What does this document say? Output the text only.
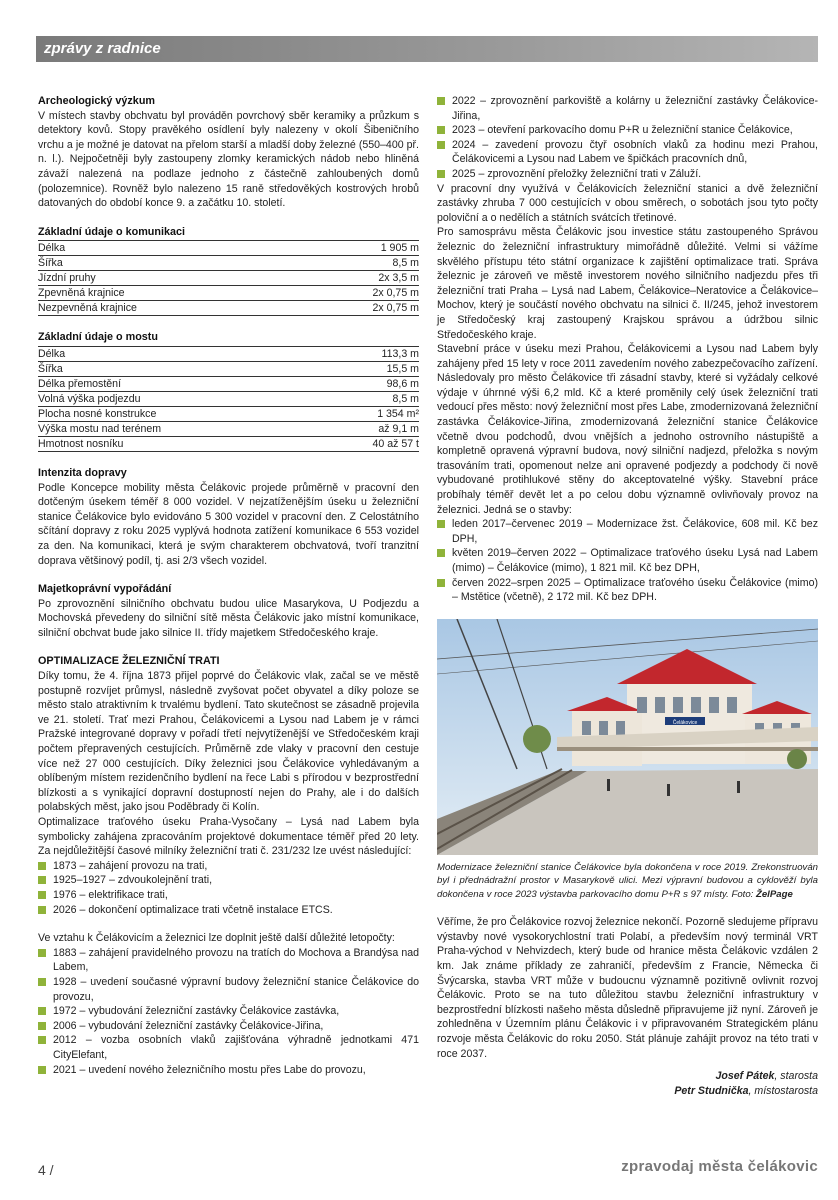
zprávy z radnice
Archeologický výzkum

V místech stavby obchvatu byl prováděn povrchový sběr keramiky a průzkum s detektory kovů. Stopy pravěkého osídlení byly nalezeny v okolí Šibeničního vrchu a je možné je datovat na přelom starší a mladší doby železné (550–400 př. n. l.). Nejpočetněji byly zastoupeny zlomky keramických nádob nebo hliněná závaží nalezená na podlaze jednoho z částečně zahloubených domů (polozemnice). Rovněž bylo nalezeno 15 raně středověkých kostrových hrobů datovaných do období konce 9. a začátku 10. století.

Základní údaje o komunikaci
Délka	1 905 m
Šířka	8,5 m
Jízdní pruhy	2x 3,5 m
Zpevněná krajnice	2x 0,75 m
Nezpevněná krajnice	2x 0,75 m
Základní údaje o mostu
Délka	113,3 m
Šířka	15,5 m
Délka přemostění	98,6 m
Volná výška podjezdu	8,5 m
Plocha nosné konstrukce	1 354 m²
Výška mostu nad terénem	až 9,1 m
Hmotnost nosníku	40 až 57 t
Intenzita dopravy

Podle Koncepce mobility města Čelákovic projede průměrně v pracovní den dotčeným úsekem téměř 8 000 vozidel. V nejzatíženějším úseku u železniční stanice Čelákovice bylo evidováno 5 300 vozidel v pracovní den. Z Celostátního sčítání dopravy z roku 2025 vyplývá hodnota zatížení komunikace 6 553 vozidel za den. Na komunikaci, která je svým charakterem obchvatová, tvoří tranzitní doprava většinový podíl, tj. asi 2/3 všech vozidel.

Majetkoprávní vypořádání

Po zprovoznění silničního obchvatu budou ulice Masarykova, U Podjezdu a Mochovská převedeny do silniční sítě města Čelákovic jako místní komunikace, silniční obchvat bude jako silnice II. třídy majetkem Středočeského kraje.

OPTIMALIZACE ŽELEZNIČNÍ TRATI

Díky tomu, že 4. října 1873 přijel poprvé do Čelákovic vlak, začal se ve městě postupně rozvíjet průmysl, následně zvyšovat počet obyvatel a díky poloze se město stalo atraktivním k trvalému bydlení. Tato skutečnost se zásadně projevila ve 21. století. Trať mezi Prahou, Čelákovicemi a Lysou nad Labem je v rámci Pražské integrované dopravy v pořadí třetí nejvytíženější ve Středočeském kraji počtem přepravených cestujících. Průměrně zde vlaky v pracovní den cestuje více než 27 000 cestujících. Díky železnici jsou Čelákovice vyhledávaným a oblíbeným místem rezidenčního bydlení na řece Labi s přírodou v bezprostřední blízkosti a s vynikající dopravní dostupností nejen do Prahy, ale i do dalších polabských měst, jako jsou Poděbrady či Kolín.

Optimalizace traťového úseku Praha-Vysočany – Lysá nad Labem byla symbolicky zahájena zpracováním projektové dokumentace téměř před 20 lety. Za nejdůležitější časové milníky železniční trati č. 231/232 lze uvést následující:

1873 – zahájení provozu na trati,
1925–1927 – zdvoukolejnění trati,
1976 – elektrifikace trati,
2026 – dokončení optimalizace trati včetně instalace ETCS.

Ve vztahu k Čelákovicím a železnici lze doplnit ještě další důležité letopočty:

1883 – zahájení pravidelného provozu na tratích do Mochova a Brandýsa nad Labem,
1928 – uvedení současné výpravní budovy železniční stanice Čelákovice do provozu,
1972 – vybudování železniční zastávky Čelákovice zastávka,
2006 – vybudování železniční zastávky Čelákovice-Jiřina,
2012 – vozba osobních vlaků zajišťována výhradně jednotkami 471 CityElefant,
2021 – uvedení nového železničního mostu přes Labe do provozu,
2022 – zprovoznění parkoviště a kolárny u železniční zastávky Čelákovice-Jiřina,
2023 – otevření parkovacího domu P+R u železniční stanice Čelákovice,
2024 – zavedení provozu čtyř osobních vlaků za hodinu mezi Prahou, Čelákovicemi a Lysou nad Labem ve špičkách pracovních dnů,
2025 – zprovoznění přeložky železniční trati v Záluží.

V pracovní dny využívá v Čelákovicích železniční stanici a dvě železniční zastávky zhruba 7 000 cestujících v obou směrech, o sobotách jsou tyto počty poloviční a o nedělích a státních svátcích třetinové.

Pro samosprávu města Čelákovic jsou investice státu zastoupeného Správou železnic do železniční infrastruktury mimořádně důležité. Velmi si vážíme skvělého přístupu této státní organizace k zajištění optimalizace trati. Správa železnic je zároveň ve městě investorem nového silničního nadjezdu přes tři železniční trati Praha – Lysá nad Labem, Čelákovice–Neratovice a Čelákovice–Mochov, který je součástí nového obchvatu na silnici č. II/245, jehož investorem je Středočeský kraj zastoupený Krajskou správou a údržbou silnic Středočeského kraje.

Stavební práce v úseku mezi Prahou, Čelákovicemi a Lysou nad Labem byly zahájeny před 15 lety v roce 2011 zavedením nového zabezpečovacího zařízení. Následovaly pro město Čelákovice tři zásadní stavby, které si vyžádaly celkové výdaje v úhrnné výši 6,2 mld. Kč a které proměnily celý úsek železniční trati vedoucí přes město: nový železniční most přes Labe, zmodernizovaná železniční zastávka Čelákovice-Jiřina, zmodernizovaná železniční stanice Čelákovice včetně dvou podchodů, dvou vnějších a jednoho ostrovního nástupiště a kompletně opravená výpravní budova, nový silniční nadjezd, přeložka s novým trasováním trati, opomenout nelze ani opravené podjezdy a podchody či nově vybudované protihlukové stěny do akceptovatelné výšky. Stavební práce probíhaly téměř devět let a po celou dobu významně ovlivňovaly provoz na železnici. Jedná se o stavby:

leden 2017–červenec 2019 – Modernizace žst. Čelákovice, 608 mil. Kč bez DPH,
květen 2019–červen 2022 – Optimalizace traťového úseku Lysá nad Labem (mimo) – Čelákovice (mimo), 1 821 mil. Kč bez DPH,
červen 2022–srpen 2025 – Optimalizace traťového úseku Čelákovice (mimo) – Mstětice (včetně), 2 172 mil. Kč bez DPH.
Čelákovice
Modernizace železniční stanice Čelákovice byla dokončena v roce 2019. Zrekonstruován byl i přednádražní prostor v Masarykově ulici. Mezi výpravní budovou a cyklověží byla dokončena v roce 2023 výstavba parkovacího domu P+R s 97 místy. Foto: ŽelPage

Věříme, že pro Čelákovice rozvoj železnice nekončí. Pozorně sledujeme přípravu výstavby nové vysokorychlostní trati Polabí, a především nový terminál VRT Praha-východ v Nehvizdech, který bude od hranice města Čelákovic vzdálen 2 km. Jak známe příklady ze zahraničí, především z Francie, Německa či Švýcarska, stavba VRT může v budoucnu významně pozitivně ovlivnit rozvoj Čelákovic. Proto se na tuto důležitou stavbu železniční infrastruktury v bezprostřední blízkosti našeho města důsledně připravujeme již nyní. Zároveň je zohledněna v Územním plánu Čelákovic i v připravovaném Strategickém plánu rozvoje města Čelákovic do roku 2050. Stát plánuje zahájit provoz na této trati v roce 2037.

Josef Pátek, starosta
Petr Studnička, místostarosta
4 /	zpravodaj města čelákovic
